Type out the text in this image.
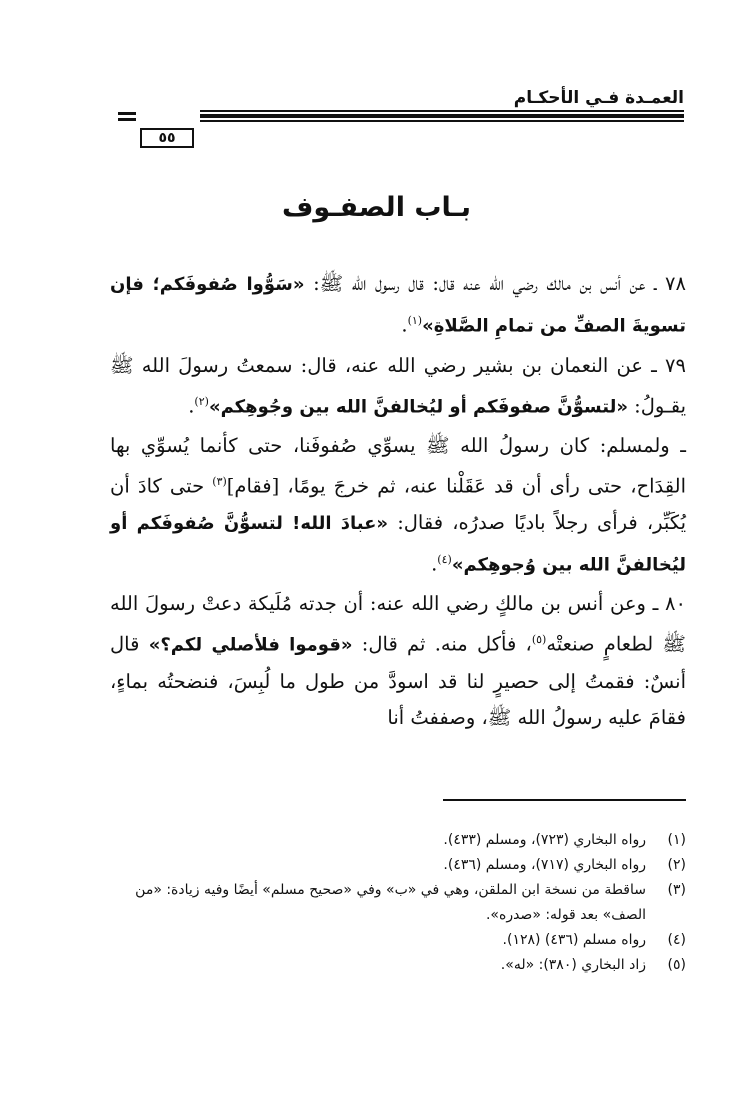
العمـدة فـي الأحكـام
٥٥
بـاب الصفـوف

٧٨ ـ عن أنس بن مالك رضي الله عنه قال: قال رسول الله ﷺ: «سَوُّوا صُفوفَكم؛ فإن تسويةَ الصفِّ من تمامِ الصَّلاةِ»$^{(١)}$.

٧٩ ـ عن النعمان بن بشير رضي الله عنه، قال: سمعتُ رسولَ الله ﷺ يقـولُ: «لتسوُّنَّ صفوفَكم أو ليُخالفنَّ الله بين وجُوهِكم»$^{(٢)}$.

ـ ولمسلم: كان رسولُ الله ﷺ يسوِّي صُفوفَنا، حتى كأنما يُسوِّي بها القِدَاح، حتى رأى أن قد عَقَلْنا عنه، ثم خرجَ يومًا، [فقام]$^{(٣)}$ حتى كادَ أن يُكَبِّر، فرأى رجلاً باديًا صدرُه، فقال: «عبادَ الله! لتسوُّنَّ صُفوفَكم أو ليُخالفنَّ الله بين وُجوهِكم»$^{(٤)}$.

٨٠ ـ وعن أنس بن مالكٍ رضي الله عنه: أن جدته مُلَيكة دعتْ رسولَ الله ﷺ لطعامٍ صنعتْه$^{(٥)}$، فأكل منه. ثم قال: «قوموا فلأصلي لكم؟» قال أنسٌ: فقمتُ إلى حصيرٍ لنا قد اسودَّ من طول ما لُبِسَ، فنضحتُه بماءٍ، فقامَ عليه رسولُ الله ﷺ، وصففتُ أنا

(١)
رواه البخاري (٧٢٣)، ومسلم (٤٣٣).
(٢)
رواه البخاري (٧١٧)، ومسلم (٤٣٦).
(٣)
ساقطة من نسخة ابن الملقن، وهي في «ب» وفي «صحيح مسلم» أيضًا وفيه زيادة: «من الصف» بعد قوله: «صدره».
(٤)
رواه مسلم (٤٣٦) (١٢٨).
(٥)
زاد البخاري (٣٨٠): «له».
